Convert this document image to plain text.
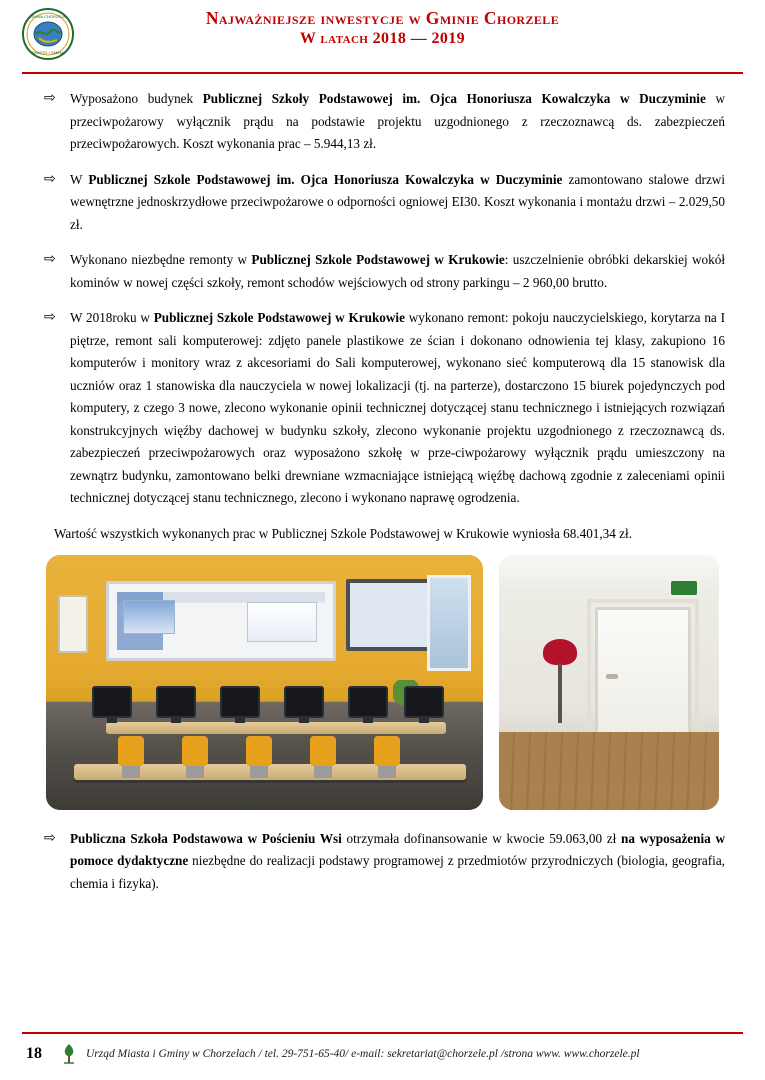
GMINA CHORZELE
MIASTO I GMINA
Najważniejsze inwestycje w Gminie Chorzele
W latach 2018 — 2019
⇨	Wyposażono budynek Publicznej Szkoły Podstawowej im. Ojca Honoriusza Kowalczyka w Duczyminie w przeciwpożarowy wyłącznik prądu na podstawie projektu uzgodnionego z rzeczoznawcą ds. zabezpieczeń przeciwpożarowych. Koszt wykonania prac – 5.944,13 zł.
⇨	W Publicznej Szkole Podstawowej im. Ojca Honoriusza Kowalczyka w Duczyminie zamontowano stalowe drzwi wewnętrzne jednoskrzydłowe przeciwpożarowe o odporności ogniowej EI30. Koszt wykonania i montażu drzwi – 2.029,50 zł.
⇨	Wykonano niezbędne remonty w Publicznej Szkole Podstawowej w Krukowie: uszczelnienie obróbki dekarskiej wokół kominów w nowej części szkoły, remont schodów wejściowych od strony parkingu – 2 960,00 brutto.
⇨	W 2018roku w Publicznej Szkole Podstawowej w Krukowie wykonano remont: pokoju nauczycielskiego, korytarza na I piętrze, remont sali komputerowej: zdjęto panele plastikowe ze ścian i dokonano odnowienia tej klasy, zakupiono 16 komputerów i monitory wraz z akcesoriami do Sali komputerowej, wykonano sieć komputerową dla 15 stanowisk dla uczniów oraz 1 stanowiska dla nauczyciela w nowej lokalizacji (tj. na parterze), dostarczono 15 biurek pojedynczych pod komputery, z czego 3 nowe, zlecono wykonanie opinii technicznej dotyczącej stanu technicznego i istniejących rozwiązań konstrukcyjnych więźby dachowej w budynku szkoły, zlecono wykonanie projektu uzgodnionego z rzeczoznawcą ds. zabezpieczeń przeciwpożarowych oraz wyposażono szkołę w prze-ciwpożarowy wyłącznik prądu umieszczony na zewnątrz budynku, zamontowano belki drewniane wzmacniające istniejącą więźbę dachową zgodnie z zaleceniami opinii technicznej dotyczącej stanu technicznego, zlecono i wykonano naprawę ogrodzenia.
Wartość wszystkich wykonanych prac w Publicznej Szkole Podstawowej w Krukowie wyniosła 68.401,34 zł.
⇨	Publiczna Szkoła Podstawowa w Pościeniu Wsi otrzymała dofinansowanie w kwocie 59.063,00 zł na wyposażenia w pomoce dydaktyczne niezbędne do realizacji podstawy programowej z przedmiotów przyrodniczych (biologia, geografia, chemia i fizyka).
18	Urząd Miasta i Gminy w Chorzelach / tel. 29-751-65-40/ e-mail: sekretariat@chorzele.pl /strona www. www.chorzele.pl
